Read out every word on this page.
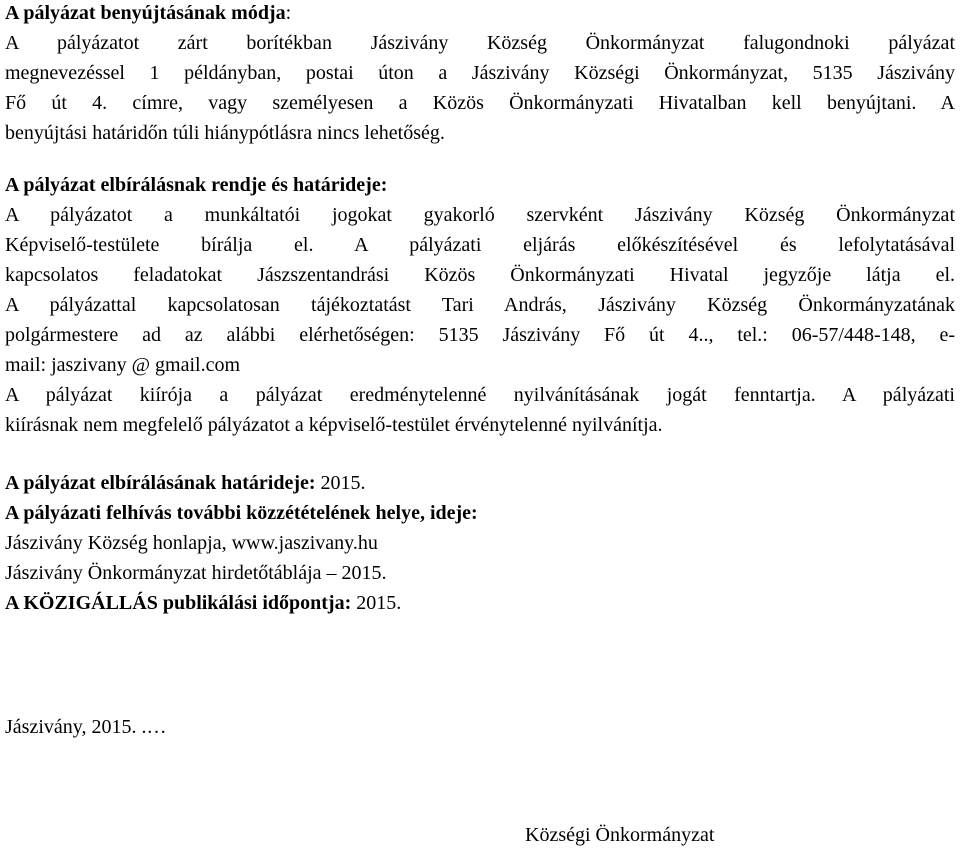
A pályázat benyújtásának módja:
A pályázatot zárt borítékban Jászivány Község Önkormányzat falugondnoki pályázat
megnevezéssel 1 példányban, postai úton a Jászivány Községi Önkormányzat, 5135 Jászivány
Fő út 4. címre, vagy személyesen a Közös Önkormányzati Hivatalban kell benyújtani. A
benyújtási határidőn túli hiánypótlásra nincs lehetőség.
A pályázat elbírálásnak rendje és határideje:
A pályázatot a munkáltatói jogokat gyakorló szervként Jászivány Község Önkormányzat
Képviselő-testülete bírálja el. A pályázati eljárás előkészítésével és lefolytatásával
kapcsolatos feladatokat Jászszentandrási Közös Önkormányzati Hivatal jegyzője látja el.
A pályázattal kapcsolatosan tájékoztatást Tari András, Jászivány Község Önkormányzatának
polgármestere ad az alábbi elérhetőségen: 5135 Jászivány Fő út 4.., tel.: 06-57/448-148, e-
mail: jaszivany @ gmail.com
A pályázat kiírója a pályázat eredménytelenné nyilvánításának jogát fenntartja. A pályázati
kiírásnak nem megfelelő pályázatot a képviselő-testület érvénytelenné nyilvánítja.
A pályázat elbírálásának határideje: 2015.
A pályázati felhívás további közzétételének helye, ideje:
Jászivány Község honlapja, www.jaszivany.hu
Jászivány Önkormányzat hirdetőtáblája – 2015.
A KÖZIGÁLLÁS publikálási időpontja: 2015.
Jászivány, 2015. .…
Községi Önkormányzat
